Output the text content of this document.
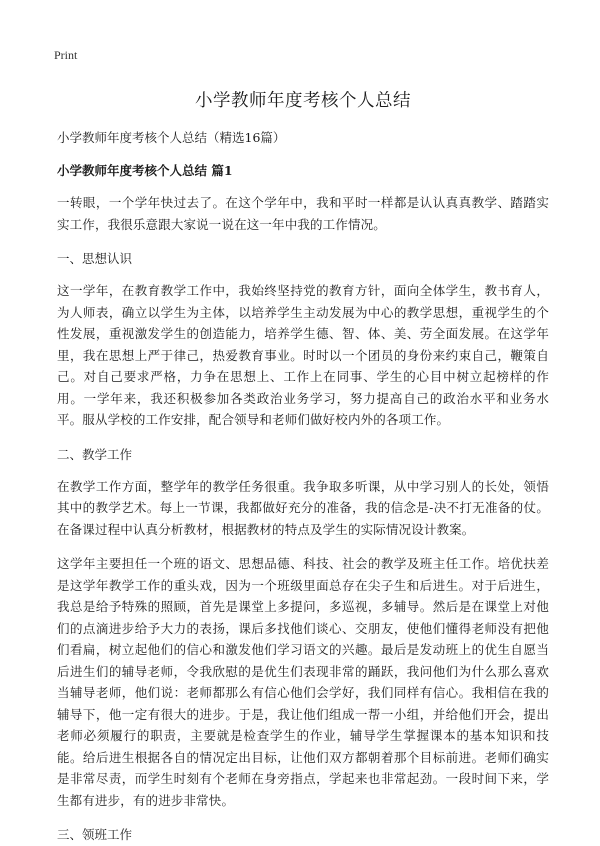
Print
小学教师年度考核个人总结
小学教师年度考核个人总结（精选16篇）
小学教师年度考核个人总结 篇1

一转眼，一个学年快过去了。在这个学年中，我和平时一样都是认认真真教学、踏踏实实工作，我很乐意跟大家说一说在这一年中我的工作情况。

一、思想认识

这一学年，在教育教学工作中，我始终坚持党的教育方针，面向全体学生，教书育人，为人师表，确立以学生为主体，以培养学生主动发展为中心的教学思想，重视学生的个性发展，重视激发学生的创造能力，培养学生德、智、体、美、劳全面发展。在这学年里，我在思想上严于律己，热爱教育事业。时时以一个团员的身份来约束自己，鞭策自己。对自己要求严格，力争在思想上、工作上在同事、学生的心目中树立起榜样的作用。一学年来，我还积极参加各类政治业务学习，努力提高自己的政治水平和业务水平。服从学校的工作安排，配合领导和老师们做好校内外的各项工作。

二、教学工作

在教学工作方面，整学年的教学任务很重。我争取多听课，从中学习别人的长处，领悟其中的教学艺术。每上一节课，我都做好充分的准备，我的信念是-决不打无准备的仗。在备课过程中认真分析教材，根据教材的特点及学生的实际情况设计教案。

这学年主要担任一个班的语文、思想品德、科技、社会的教学及班主任工作。培优扶差是这学年教学工作的重头戏，因为一个班级里面总存在尖子生和后进生。对于后进生，我总是给予特殊的照顾，首先是课堂上多提问，多巡视，多辅导。然后是在课堂上对他们的点滴进步给予大力的表扬，课后多找他们谈心、交朋友，使他们懂得老师没有把他们看扁，树立起他们的信心和激发他们学习语文的兴趣。最后是发动班上的优生自愿当后进生们的辅导老师，令我欣慰的是优生们表现非常的踊跃，我问他们为什么那么喜欢当辅导老师，他们说：老师都那么有信心他们会学好，我们同样有信心。我相信在我的辅导下，他一定有很大的进步。于是，我让他们组成一帮一小组，并给他们开会，提出老师必须履行的职责，主要就是检查学生的作业，辅导学生掌握课本的基本知识和技能。给后进生根据各自的情况定出目标，让他们双方都朝着那个目标前进。老师们确实是非常尽责，而学生时刻有个老师在身旁指点，学起来也非常起劲。一段时间下来，学生都有进步，有的进步非常快。

三、领班工作
